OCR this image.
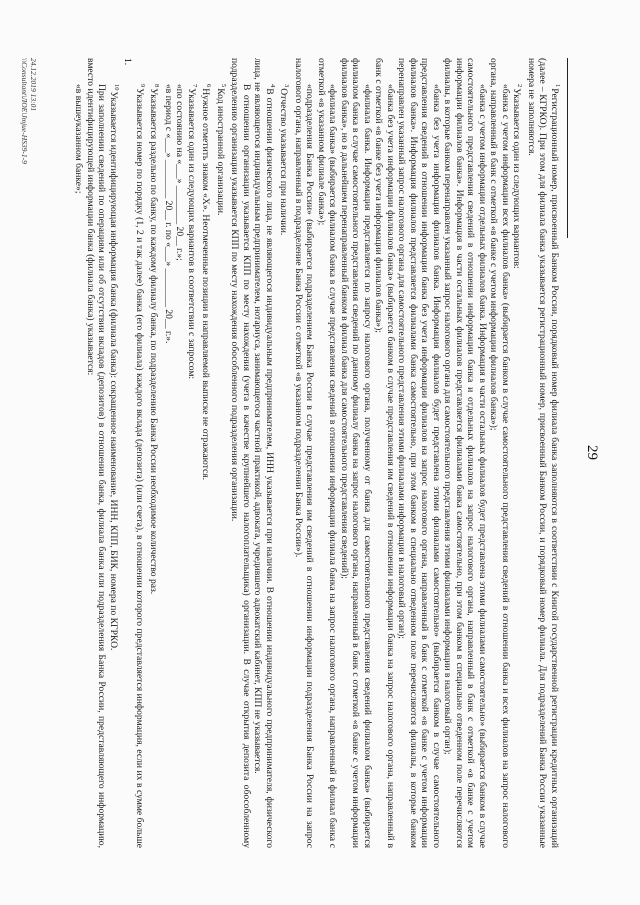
29

$^1$Регистрационный номер, присвоенный Банком России, порядковый номер филиала банка заполняются в соответствии с Книгой государственной регистрации кредитных организаций (далее – КГРКО). При этом для филиала банка указывается регистрационный номер, присвоенный Банком России, и порядковый номер филиала. Для подразделений Банка России указанные номера не заполняются.

$^2$Указывается один из следующих вариантов:

«банка с учетом информации всех филиалов банка» (выбирается банком в случае самостоятельного представления сведений в отношении банка и всех филиалов на запрос налогового органа, направленный в банк с отметкой «в банке с учетом информации филиалов банка»);

«банка с учетом информации отдельных филиалов банка. Информация в части остальных филиалов будет представлена этими филиалами самостоятельно» (выбирается банком в случае самостоятельного представления сведений в отношении информации банка и отдельных филиалов на запрос налогового органа, направленный в банк с отметкой «в банке с учетом информации филиалов банка». Информация в части остальных филиалов представляется филиалами банка самостоятельно, при этом банком в специально отведенном поле перечисляются филиалы, в которые банком перенаправлен указанный запрос налогового органа для самостоятельного представления этими филиалами информации в налоговый орган);

«банка без учета информации филиалов банка. Информация филиалов будет представлена этими филиалами самостоятельно» (выбирается банком в случае самостоятельного представления сведений в отношении информации банка без учета информации филиалов на запрос налогового органа, направленный в банк с отметкой «в банке с учетом информации филиалов банка». Информация филиалов представляется филиалами банка самостоятельно, при этом банком в специально отведенном поле перечисляются филиалы, в которые банком перенаправлен указанный запрос налогового органа для самостоятельного представления этими филиалами информации в налоговый орган);

«банка без учета информации филиалов банка» (выбирается банком в случае представления им сведений в отношении информации банка на запрос налогового органа, направленный в банк с отметкой «в банке без учета информации филиалов банка»);

«филиала банка. Информация представляется по запросу налогового органа, полученному от банка для самостоятельного представления сведений филиалом банка» (выбирается филиалом банка в случае самостоятельного представления сведений по данному филиалу банка на запрос налогового органа, направленный в банк с отметкой «в банке с учетом информации филиалов банка», но в дальнейшем перенаправленный банком в филиал банка для самостоятельного представления сведений);

«филиала банка» (выбирается филиалом банка в случае представления сведений в отношении информации филиала банка на запрос налогового органа, направленный в филиал банка с отметкой «в указанном филиале банка»);

«подразделения Банка России» (выбирается подразделением Банка России в случае представления им сведений в отношении информации подразделения Банка России на запрос налогового органа, направленный в подразделение Банка России с отметкой «в указанном подразделении Банка России»).

$^3$Отчество указывается при наличии.

$^4$В отношении физического лица, не являющегося индивидуальным предпринимателем, ИНН указывается при наличии. В отношении индивидуального предпринимателя, физического лица, не являющегося индивидуальным предпринимателем, нотариуса, занимающегося частной практикой, адвоката, учредившего адвокатский кабинет, КПП не указывается.

В отношении организации указывается КПП по месту нахождения (учета в качестве крупнейшего налогоплательщика) организации. В случае открытия депозита обособленному подразделению организации указывается КПП по месту нахождения обособленного подразделения организации.

$^5$Код иностранной организации.

$^6$Нужное отметить знаком «Х». Неотмеченные позиции в направляемой выписке не отражаются.

$^7$Указывается один из следующих вариантов в соответствии с запросом:

«по состоянию на «___» ________ 20__ г.»;

«в период с «___» ________ 20__ г. по «___» ________ 20__ г.».

$^8$Указывается раздельно по банку, по каждому филиалу банка, по подразделению Банка России необходимое количество раз.

$^9$Указывается номер по порядку (1, 2 и так далее) банка (его филиала) каждого вклада (депозита) (или счета), в отношении которого представляется информация, если их в сумме больше 1.

$^{10}$Указывается идентифицирующая информация банка (филиала банка): сокращенное наименование, ИНН, КПП, БИК, номера по КГРКО.

При заполнении сведений по операциям или об отсутствии вкладов (депозитов) в отношении банка, филиала банка или подразделения Банка России, представляющего информацию, вместо идентифицирующей информации банка (филиала банка) указывается:

«в вышеуказанном банке»;

24.12.2019 13:01
\\Consultant\ЛОЕ\Jmjue-HS39-1-9
